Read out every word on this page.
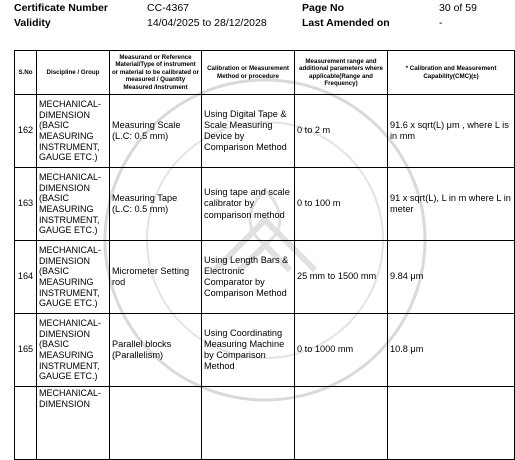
Certificate Number	CC-4367	Page No	30 of 59
Validity	14/04/2025 to 28/12/2028	Last Amended on	-
S.No	Discipline / Group	Measurand or Reference Material/Type of instrument or material to be calibrated or measured / Quantity Measured /Instrument	Calibration or Measurement Method or procedure	Measurement range and additional parameters where applicable(Range and Frequency)	* Calibration and Measurement Capability(CMC)(±)
162	MECHANICAL- DIMENSION (BASIC MEASURING INSTRUMENT, GAUGE ETC.)	Measuring Scale (L.C: 0.5 mm)	Using Digital Tape & Scale Measuring Device by Comparison Method	0 to 2 m	91.6 x sqrt(L) μm , where L is in mm
163	MECHANICAL- DIMENSION (BASIC MEASURING INSTRUMENT, GAUGE ETC.)	Measuring Tape (L.C: 0.5 mm)	Using tape and scale calibrator by comparison method	0 to 100 m	91 x sqrt(L), L in m where L in meter
164	MECHANICAL- DIMENSION (BASIC MEASURING INSTRUMENT, GAUGE ETC.)	Micrometer Setting rod	Using Length Bars & Electronic Comparator by Comparison Method	25 mm to 1500 mm	9.84 μm
165	MECHANICAL- DIMENSION (BASIC MEASURING INSTRUMENT, GAUGE ETC.)	Parallel blocks (Parallelism)	Using Coordinating Measuring Machine by Comparison Method	0 to 1000 mm	10.8 μm
	MECHANICAL- DIMENSION				
